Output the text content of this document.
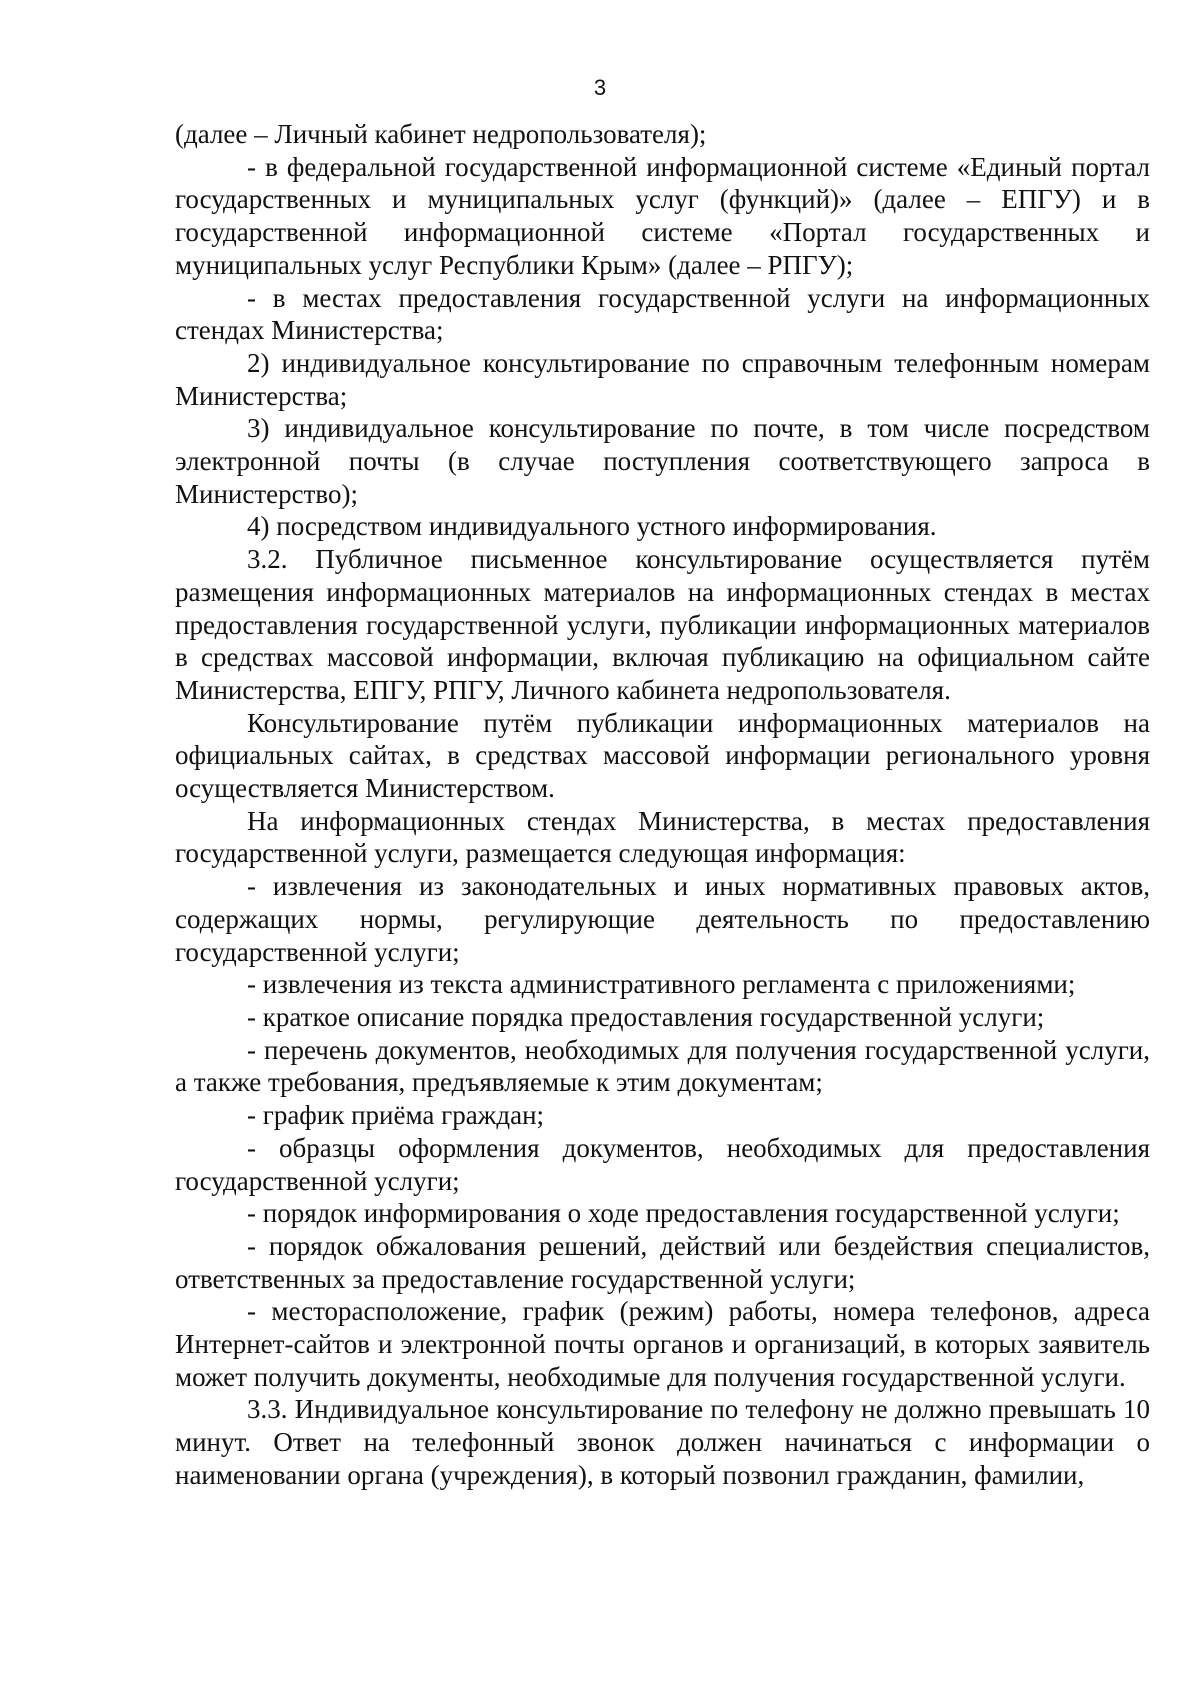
3

(далее – Личный кабинет недропользователя);

- в федеральной государственной информационной системе «Единый портал государственных и муниципальных услуг (функций)» (далее – ЕПГУ) и в государственной информационной системе «Портал государственных и муниципальных услуг Республики Крым» (далее – РПГУ);

- в местах предоставления государственной услуги на информационных стендах Министерства;

2) индивидуальное консультирование по справочным телефонным номерам Министерства;

3) индивидуальное консультирование по почте, в том числе посредством электронной почты (в случае поступления соответствующего запроса в Министерство);

4) посредством индивидуального устного информирования.

3.2. Публичное письменное консультирование осуществляется путём размещения информационных материалов на информационных стендах в местах предоставления государственной услуги, публикации информационных материалов в средствах массовой информации, включая публикацию на официальном сайте Министерства, ЕПГУ, РПГУ, Личного кабинета недропользователя.

Консультирование путём публикации информационных материалов на официальных сайтах, в средствах массовой информации регионального уровня осуществляется Министерством.

На информационных стендах Министерства, в местах предоставления государственной услуги, размещается следующая информация:

- извлечения из законодательных и иных нормативных правовых актов, содержащих нормы, регулирующие деятельность по предоставлению государственной услуги;

- извлечения из текста административного регламента с приложениями;

- краткое описание порядка предоставления государственной услуги;

- перечень документов, необходимых для получения государственной услуги, а также требования, предъявляемые к этим документам;

- график приёма граждан;

- образцы оформления документов, необходимых для предоставления государственной услуги;

- порядок информирования о ходе предоставления государственной услуги;

- порядок обжалования решений, действий или бездействия специалистов, ответственных за предоставление государственной услуги;

- месторасположение, график (режим) работы, номера телефонов, адреса Интернет-сайтов и электронной почты органов и организаций, в которых заявитель может получить документы, необходимые для получения государственной услуги.

3.3. Индивидуальное консультирование по телефону не должно превышать 10 минут. Ответ на телефонный звонок должен начинаться с информации о наименовании органа (учреждения), в который позвонил гражданин, фамилии,
